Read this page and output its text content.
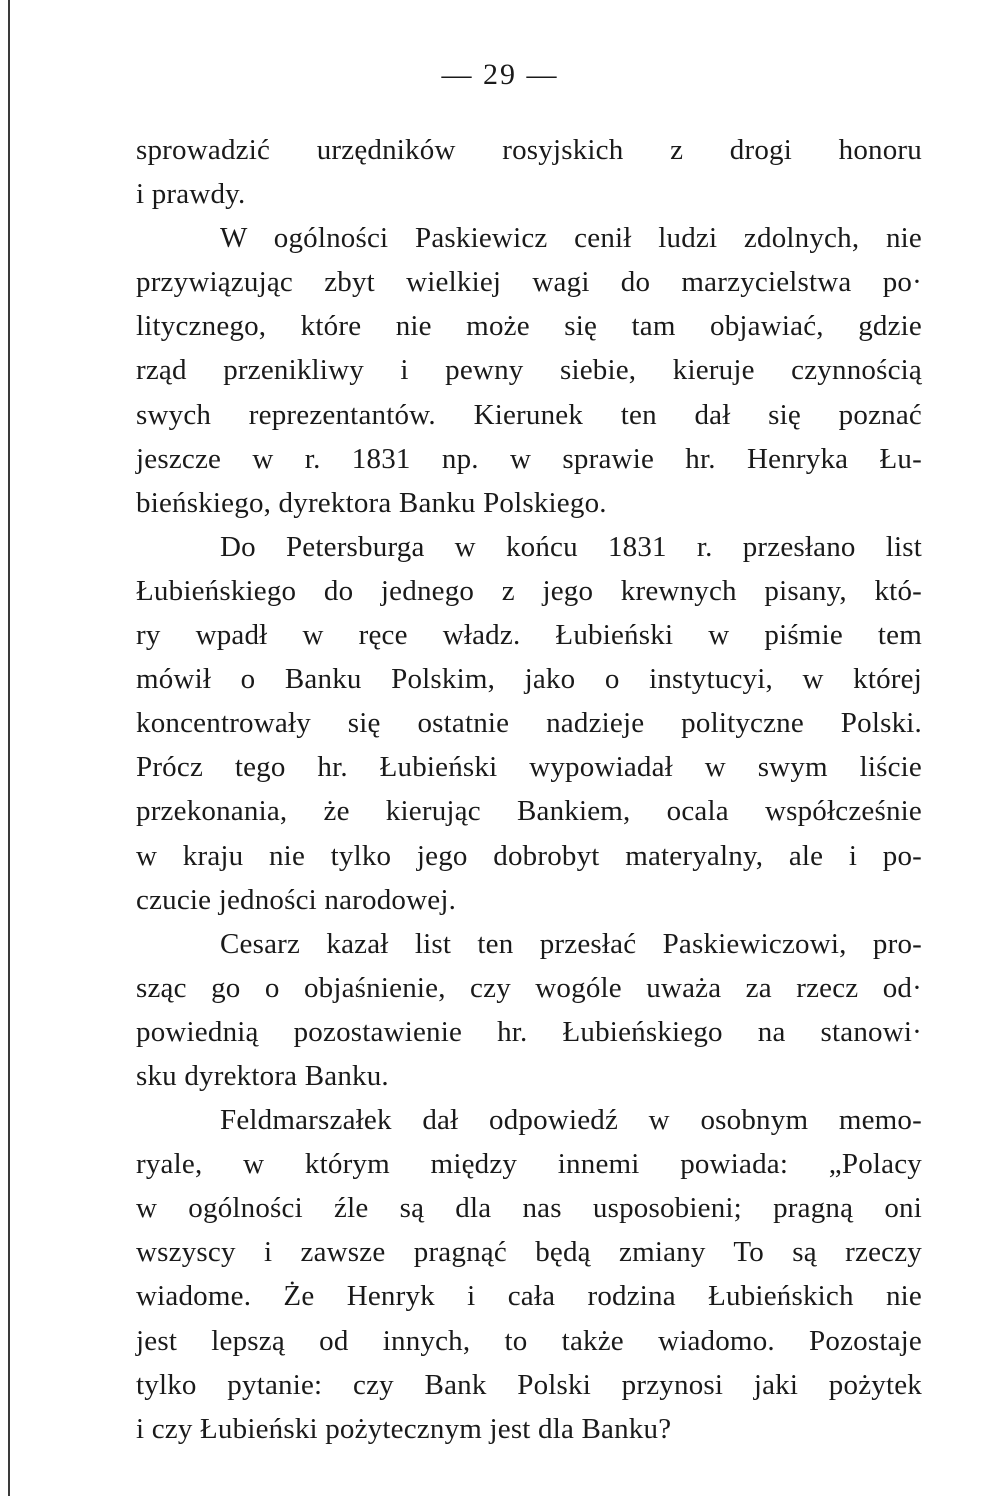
— 29 —
sprowadzić urzędników rosyjskich z drogi honoru
i prawdy.
W ogólności Paskiewicz cenił ludzi zdolnych, nie
przywiązując zbyt wielkiej wagi do marzycielstwa po·
litycznego, które nie może się tam objawiać, gdzie
rząd przenikliwy i pewny siebie, kieruje czynnością
swych reprezentantów. Kierunek ten dał się poznać
jeszcze w r. 1831 np. w sprawie hr. Henryka Łu-
bieńskiego, dyrektora Banku Polskiego.
Do Petersburga w końcu 1831 r. przesłano list
Łubieńskiego do jednego z jego krewnych pisany, któ-
ry wpadł w ręce władz. Łubieński w piśmie tem
mówił o Banku Polskim, jako o instytucyi, w której
koncentrowały się ostatnie nadzieje polityczne Polski.
Prócz tego hr. Łubieński wypowiadał w swym liście
przekonania, że kierując Bankiem, ocala współcześnie
w kraju nie tylko jego dobrobyt materyalny, ale i po-
czucie jedności narodowej.
Cesarz kazał list ten przesłać Paskiewiczowi, pro-
sząc go o objaśnienie, czy wogóle uważa za rzecz od·
powiednią pozostawienie hr. Łubieńskiego na stanowi·
sku dyrektora Banku.
Feldmarszałek dał odpowiedź w osobnym memo-
ryale, w którym między innemi powiada: „Polacy
w ogólności źle są dla nas usposobieni; pragną oni
wszyscy i zawsze pragnąć będą zmiany To są rzeczy
wiadome. Że Henryk i cała rodzina Łubieńskich nie
jest lepszą od innych, to także wiadomo. Pozostaje
tylko pytanie: czy Bank Polski przynosi jaki pożytek
i czy Łubieński pożytecznym jest dla Banku?
